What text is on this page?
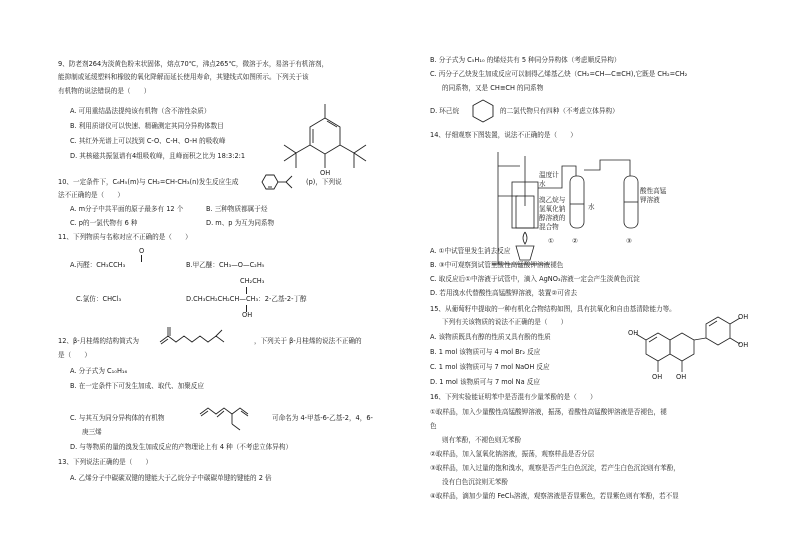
9、防老剂264为淡黄色粉末状固体，熔点70℃，沸点265℃，微溶于水，易溶于有机溶剂，
能抑制或延缓塑料和橡胶的氧化降解而延长使用寿命，其键线式如图所示。下列关于该
有机物的说法错误的是（　　）
A. 可用重结晶法提纯该有机物（含不溶性杂质）
B. 利用质谱仪可以快速、精确测定其同分异构体数目
C. 其红外光谱上可以找到 C-O、C-H、O-H 的吸收峰
D. 其核磁共振氢谱有4组吸收峰，且峰面积之比为 18:3:2:1
OH
10、一定条件下，C₆H₅(m)与 CH₂=CH-CH₃(n)发生反应生成	(p)，下列说
法不正确的是（　　）
A. m分子中共平面的原子最多有 12 个	B. 三种物质都属于烃
C. p的一氯代物有 6 种	D. m、p 为互为同系物
11、下列物质与名称对应不正确的是（　　）
O
A.丙醛：CH₃CCH₃	B.甲乙醚：CH₃—O—C₂H₅
CH₂CH₃
C.氯仿：CHCl₃	D.CH₃CH₂CH₂CH—CH₃：2-乙基-2-丁醇
OH
12、β-月桂烯的结构简式为	，下列关于 β-月桂烯的说法不正确的
是（　　）
A. 分子式为 C₁₀H₁₆
B. 在一定条件下可发生加成、取代、加聚反应
C. 与其互为同分异构体的有机物	可命名为 4-甲基-6-乙基-2，4，6-
庚三烯
D. 与等物质的量的溴发生加成反应的产物理论上有 4 种（不考虑立体异构）
13、下列说法正确的是（　　）
A. 乙烯分子中碳碳双键的键能大于乙烷分子中碳碳单键的键能的 2 倍
B. 分子式为 C₅H₁₀ 的烯烃共有 5 种同分异构体（考虑顺反异构）
C. 丙分子乙炔发生加成反应可以制得乙烯基乙炔（CH₂=CH—C≡CH),它既是 CH₂=CH₂
的同系物，又是 CH≡CH 的同系物
D. 环己烷	的二氯代物只有四种（不考虑立体异构）
14、仔细观察下图装置，说法不正确的是（　　）
温度计
水
溴乙烷与
氢氧化钠
醇溶液的
混合物
水
酸性高锰
钾溶液
①	②	③
A. ①中试管里发生消去反应
B. ③中可观察到试管里酸性高锰酸钾溶液褪色
C. 取反应后①中溶液于试管中，滴入 AgNO₃溶液一定会产生淡黄色沉淀
D. 若用溴水代替酸性高锰酸钾溶液，装置②可省去
15、从葡萄籽中提取的一种有机化合物结构如图，具有抗氧化和自由基清除能力等。
下列有关该物质的说法不正确的是（　　）
A. 该物质既具有醇的性质又具有酚的性质
B. 1 mol 该物质可与 4 mol Br₂ 反应
C. 1 mol 该物质可与 7 mol NaOH 反应
D. 1 mol 该物质可与 7 mol Na 反应
OH
OH OH
OH
OH
16、下列实验能证明苯中是否混有少量苯酚的是（　　）
①取样品，加入少量酸性高锰酸钾溶液，振荡，看酸性高锰酸钾溶液是否褪色，褪
色
则有苯酚，不褪色则无苯酚
②取样品，加入氢氧化钠溶液，振荡，观察样品是否分层
③取样品，加入过量的饱和溴水，观察是否产生白色沉淀，若产生白色沉淀则有苯酚，
没有白色沉淀则无苯酚
④取样品，滴加少量的 FeCl₃溶液，观察溶液是否显紫色，若显紫色则有苯酚，若不显
